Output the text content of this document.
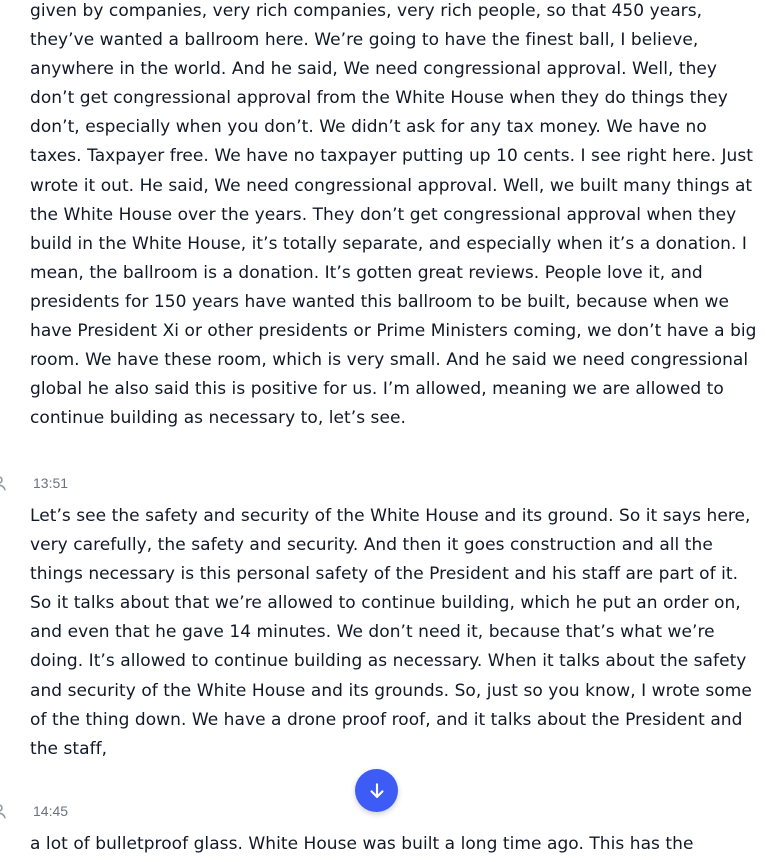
given by companies, very rich companies, very rich people, so that 450 years, they’ve wanted a ballroom here. We’re going to have the finest ball, I believe, anywhere in the world. And he said, We need congressional approval. Well, they don’t get congressional approval from the White House when they do things they don’t, especially when you don’t. We didn’t ask for any tax money. We have no taxes. Taxpayer free. We have no taxpayer putting up 10 cents. I see right here. Just wrote it out. He said, We need congressional approval. Well, we built many things at the White House over the years. They don’t get congressional approval when they build in the White House, it’s totally separate, and especially when it’s a donation. I mean, the ballroom is a donation. It’s gotten great reviews. People love it, and presidents for 150 years have wanted this ballroom to be built, because when we have President Xi or other presidents or Prime Ministers coming, we don’t have a big room. We have these room, which is very small. And he said we need congressional global he also said this is positive for us. I’m allowed, meaning we are allowed to continue building as necessary to, let’s see.

13:51

Let’s see the safety and security of the White House and its ground. So it says here, very carefully, the safety and security. And then it goes construction and all the things necessary is this personal safety of the President and his staff are part of it. So it talks about that we’re allowed to continue building, which he put an order on, and even that he gave 14 minutes. We don’t need it, because that’s what we’re doing. It’s allowed to continue building as necessary. When it talks about the safety and security of the White House and its grounds. So, just so you know, I wrote some of the thing down. We have a drone proof roof, and it talks about the President and the staff,

14:45

a lot of bulletproof glass. White House was built a long time ago. This has the
